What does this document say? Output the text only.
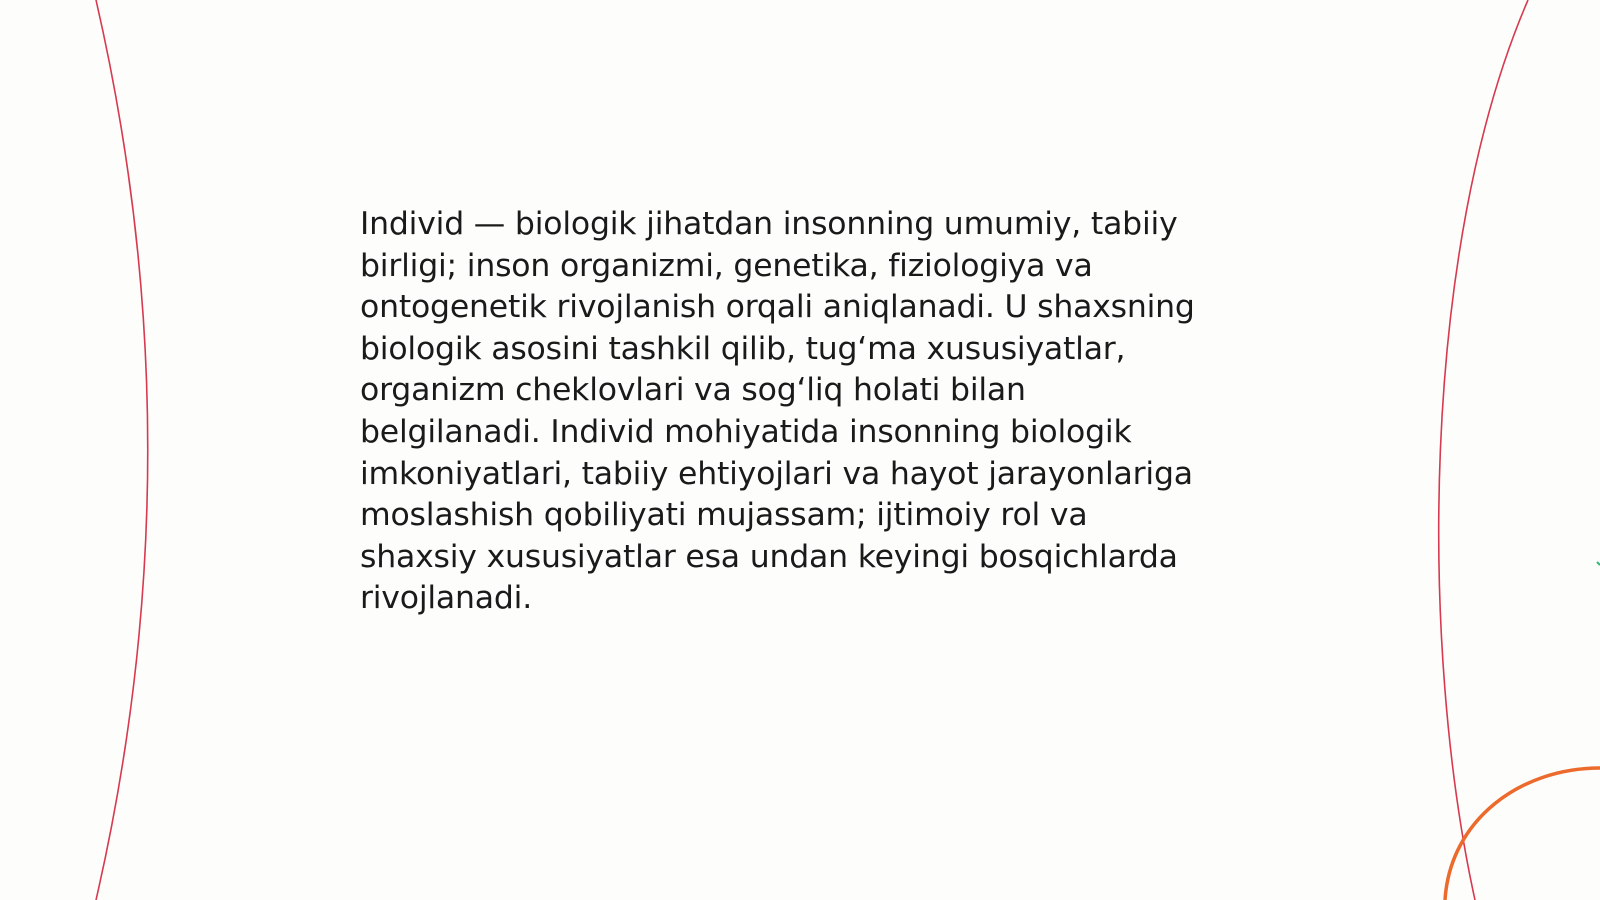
Individ — biologik jihatdan insonning umumiy, tabiiy
birligi; inson organizmi, genetika, fiziologiya va
ontogenetik rivojlanish orqali aniqlanadi. U shaxsning
biologik asosini tashkil qilib, tugʻma xususiyatlar,
organizm cheklovlari va sogʻliq holati bilan
belgilanadi. Individ mohiyatida insonning biologik
imkoniyatlari, tabiiy ehtiyojlari va hayot jarayonlariga
moslashish qobiliyati mujassam; ijtimoiy rol va
shaxsiy xususiyatlar esa undan keyingi bosqichlarda
rivojlanadi.
